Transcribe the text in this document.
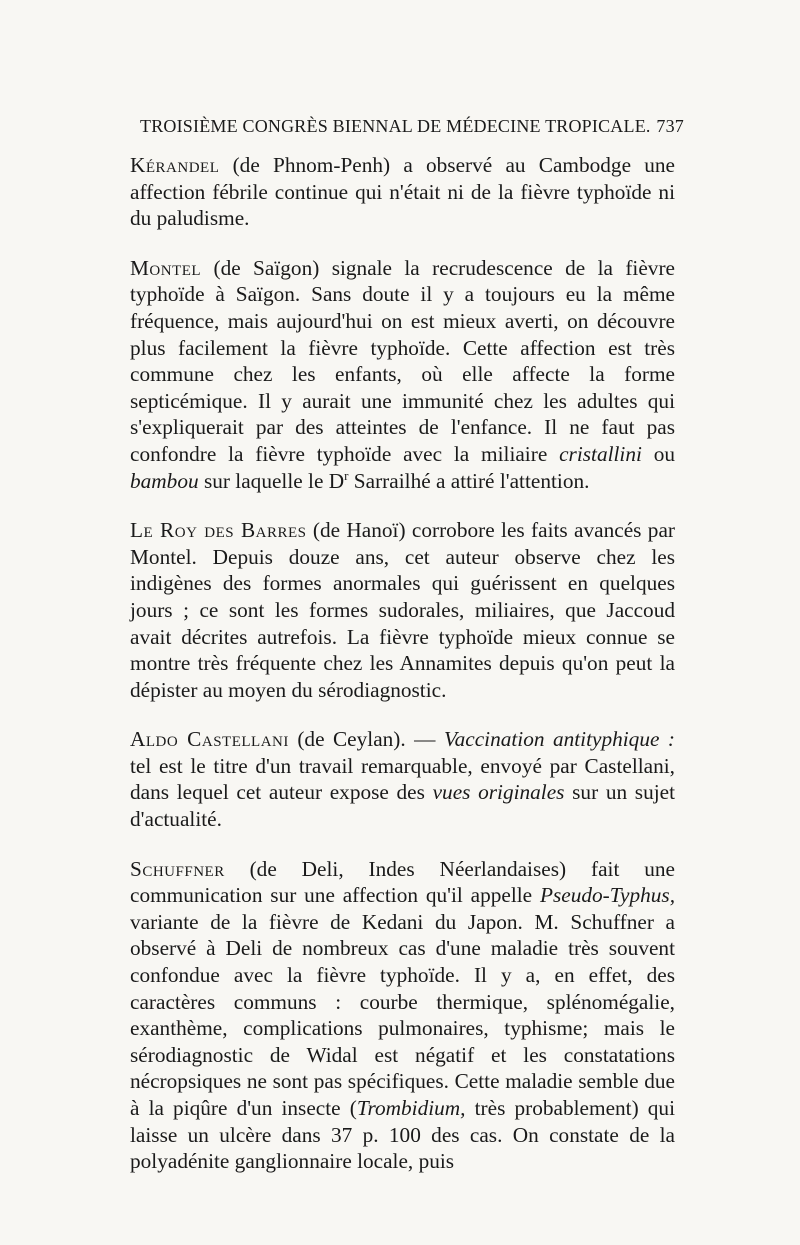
TROISIÈME CONGRÈS BIENNAL DE MÉDECINE TROPICALE. 737

Kérandel (de Phnom-Penh) a observé au Cambodge une affection fébrile continue qui n'était ni de la fièvre typhoïde ni du paludisme.

Montel (de Saïgon) signale la recrudescence de la fièvre typhoïde à Saïgon. Sans doute il y a toujours eu la même fréquence, mais aujourd'hui on est mieux averti, on découvre plus facilement la fièvre typhoïde. Cette affection est très commune chez les enfants, où elle affecte la forme septicémique. Il y aurait une immunité chez les adultes qui s'expliquerait par des atteintes de l'enfance. Il ne faut pas confondre la fièvre typhoïde avec la miliaire cristallini ou bambou sur laquelle le $D^r$ Sarrailhé a attiré l'attention.

Le Roy des Barres (de Hanoï) corrobore les faits avancés par Montel. Depuis douze ans, cet auteur observe chez les indigènes des formes anormales qui guérissent en quelques jours ; ce sont les formes sudorales, miliaires, que Jaccoud avait décrites autrefois. La fièvre typhoïde mieux connue se montre très fréquente chez les Annamites depuis qu'on peut la dépister au moyen du sérodiagnostic.

Aldo Castellani (de Ceylan). — Vaccination antityphique : tel est le titre d'un travail remarquable, envoyé par Castellani, dans lequel cet auteur expose des vues originales sur un sujet d'actualité.

Schuffner (de Deli, Indes Néerlandaises) fait une communication sur une affection qu'il appelle Pseudo-Typhus, variante de la fièvre de Kedani du Japon. M. Schuffner a observé à Deli de nombreux cas d'une maladie très souvent confondue avec la fièvre typhoïde. Il y a, en effet, des caractères communs : courbe thermique, splénomégalie, exanthème, complications pulmonaires, typhisme; mais le sérodiagnostic de Widal est négatif et les constatations nécropsiques ne sont pas spécifiques. Cette maladie semble due à la piqûre d'un insecte (Trombidium, très probablement) qui laisse un ulcère dans 37 p. 100 des cas. On constate de la polyadénite ganglionnaire locale, puis
